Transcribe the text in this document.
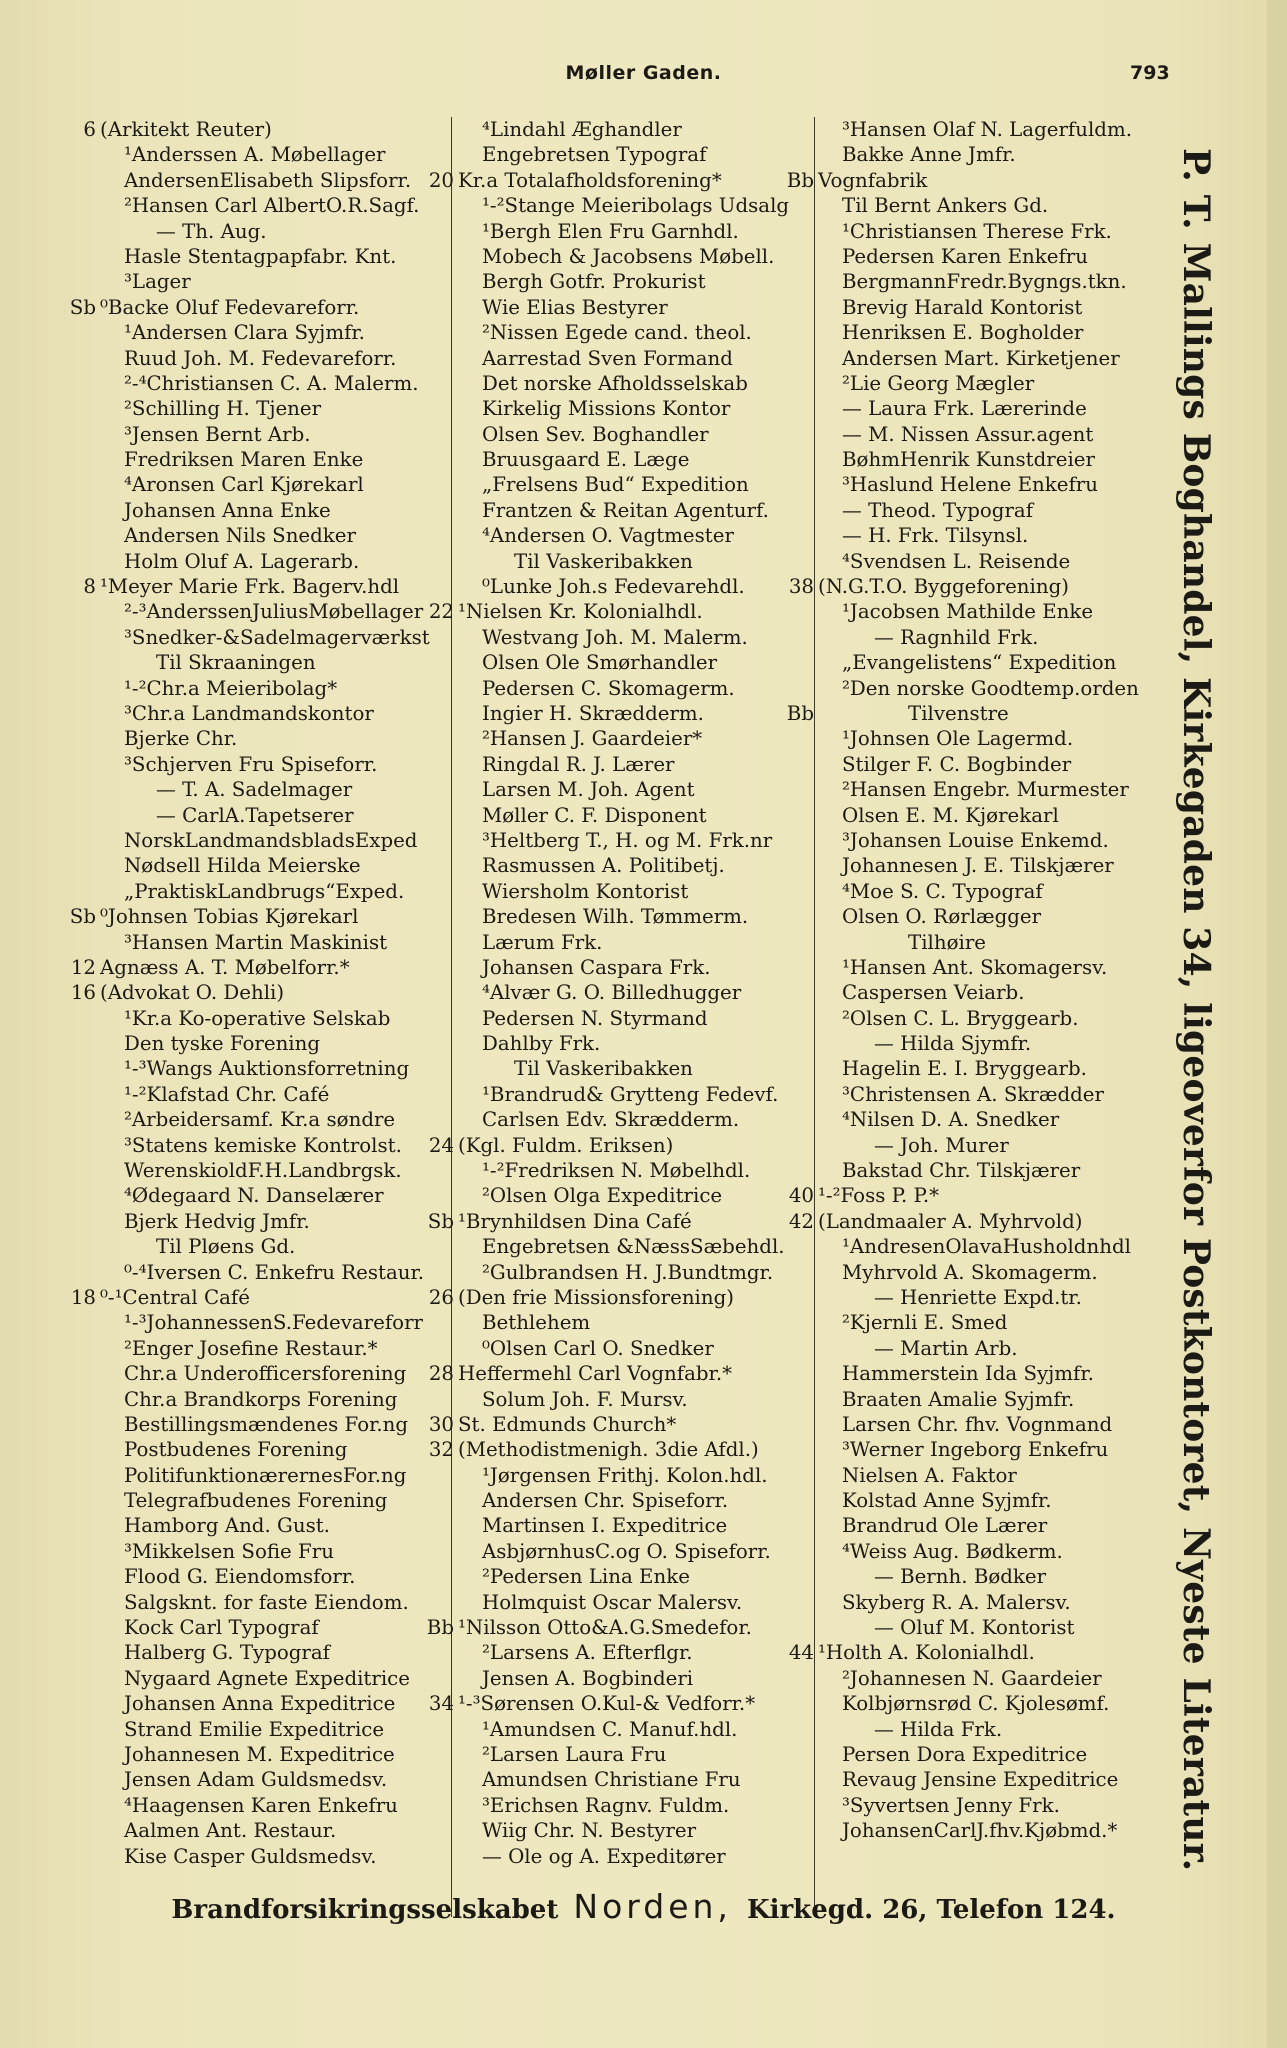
Møller Gaden.	793
6 (Arkitekt Reuter)
¹Anderssen A. Møbellager
AndersenElisabeth Slipsforr.
²Hansen Carl AlbertO.R.Sagf.
— Th. Aug.
Hasle Stentagpapfabr. Knt.
³Lager
Sb ⁰Backe Oluf Fedevareforr.
¹Andersen Clara Syjmfr.
Ruud Joh. M. Fedevareforr.
²-⁴Christiansen C. A. Malerm.
²Schilling H. Tjener
³Jensen Bernt Arb.
Fredriksen Maren Enke
⁴Aronsen Carl Kjørekarl
Johansen Anna Enke
Andersen Nils Snedker
Holm Oluf A. Lagerarb.
8 ¹Meyer Marie Frk. Bagerv.hdl
²-³AnderssenJuliusMøbellager
³Snedker-&Sadelmagerværkst
Til Skraaningen
¹-²Chr.a Meieribolag*
³Chr.a Landmandskontor
Bjerke Chr.
³Schjerven Fru Spiseforr.
— T. A. Sadelmager
— CarlA.Tapetserer
NorskLandmandsbladsExped
Nødsell Hilda Meierske
„PraktiskLandbrugs“Exped.
Sb ⁰Johnsen Tobias Kjørekarl
³Hansen Martin Maskinist
12 Agnæss A. T. Møbelforr.*
16 (Advokat O. Dehli)
¹Kr.a Ko-operative Selskab
Den tyske Forening
¹-³Wangs Auktionsforretning
¹-²Klafstad Chr. Café
²Arbeidersamf. Kr.a søndre
³Statens kemiske Kontrolst.
WerenskioldF.H.Landbrgsk.
⁴Ødegaard N. Danselærer
Bjerk Hedvig Jmfr.
Til Pløens Gd.
⁰-⁴Iversen C. Enkefru Restaur.
18 ⁰-¹Central Café
¹-³JohannessenS.Fedevareforr
²Enger Josefine Restaur.*
Chr.a Underofficersforening
Chr.a Brandkorps Forening
Bestillingsmændenes For.ng
Postbudenes Forening
PolitifunktionærernesFor.ng
Telegrafbudenes Forening
Hamborg And. Gust.
³Mikkelsen Sofie Fru
Flood G. Eiendomsforr.
Salgsknt. for faste Eiendom.
Kock Carl Typograf
Halberg G. Typograf
Nygaard Agnete Expeditrice
Johansen Anna Expeditrice
Strand Emilie Expeditrice
Johannesen M. Expeditrice
Jensen Adam Guldsmedsv.
⁴Haagensen Karen Enkefru
Aalmen Ant. Restaur.
Kise Casper Guldsmedsv.
⁴Lindahl Æghandler
Engebretsen Typograf
20 Kr.a Totalafholdsforening*
¹-²Stange Meieribolags Udsalg
¹Bergh Elen Fru Garnhdl.
Mobech & Jacobsens Møbell.
Bergh Gotfr. Prokurist
Wie Elias Bestyrer
²Nissen Egede cand. theol.
Aarrestad Sven Formand
Det norske Afholdsselskab
Kirkelig Missions Kontor
Olsen Sev. Boghandler
Bruusgaard E. Læge
„Frelsens Bud“ Expedition
Frantzen & Reitan Agenturf.
⁴Andersen O. Vagtmester
Til Vaskeribakken
⁰Lunke Joh.s Fedevarehdl.
22 ¹Nielsen Kr. Kolonialhdl.
Westvang Joh. M. Malerm.
Olsen Ole Smørhandler
Pedersen C. Skomagerm.
Ingier H. Skrædderm.
²Hansen J. Gaardeier*
Ringdal R. J. Lærer
Larsen M. Joh. Agent
Møller C. F. Disponent
³Heltberg T., H. og M. Frk.nr
Rasmussen A. Politibetj.
Wiersholm Kontorist
Bredesen Wilh. Tømmerm.
Lærum Frk.
Johansen Caspara Frk.
⁴Alvær G. O. Billedhugger
Pedersen N. Styrmand
Dahlby Frk.
Til Vaskeribakken
¹Brandrud& Grytteng Fedevf.
Carlsen Edv. Skrædderm.
24 (Kgl. Fuldm. Eriksen)
¹-²Fredriksen N. Møbelhdl.
²Olsen Olga Expeditrice
Sb ¹Brynhildsen Dina Café
Engebretsen &NæssSæbehdl.
²Gulbrandsen H. J.Bundtmgr.
26 (Den frie Missionsforening)
Bethlehem
⁰Olsen Carl O. Snedker
28 Heffermehl Carl Vognfabr.*
Solum Joh. F. Mursv.
30 St. Edmunds Church*
32 (Methodistmenigh. 3die Afdl.)
¹Jørgensen Frithj. Kolon.hdl.
Andersen Chr. Spiseforr.
Martinsen I. Expeditrice
AsbjørnhusC.og O. Spiseforr.
²Pedersen Lina Enke
Holmquist Oscar Malersv.
Bb ¹Nilsson Otto&A.G.Smedefor.
²Larsens A. Efterflgr.
Jensen A. Bogbinderi
34 ¹-³Sørensen O.Kul-& Vedforr.*
¹Amundsen C. Manuf.hdl.
²Larsen Laura Fru
Amundsen Christiane Fru
³Erichsen Ragnv. Fuldm.
Wiig Chr. N. Bestyrer
— Ole og A. Expeditører
³Hansen Olaf N. Lagerfuldm.
Bakke Anne Jmfr.
Bb Vognfabrik
Til Bernt Ankers Gd.
¹Christiansen Therese Frk.
Pedersen Karen Enkefru
BergmannFredr.Bygngs.tkn.
Brevig Harald Kontorist
Henriksen E. Bogholder
Andersen Mart. Kirketjener
²Lie Georg Mægler
— Laura Frk. Lærerinde
— M. Nissen Assur.agent
BøhmHenrik Kunstdreier
³Haslund Helene Enkefru
— Theod. Typograf
— H. Frk. Tilsynsl.
⁴Svendsen L. Reisende
38 (N.G.T.O. Byggeforening)
¹Jacobsen Mathilde Enke
— Ragnhild Frk.
„Evangelistens“ Expedition
²Den norske Goodtemp.orden
Bb	Tilvenstre
¹Johnsen Ole Lagermd.
Stilger F. C. Bogbinder
²Hansen Engebr. Murmester
Olsen E. M. Kjørekarl
³Johansen Louise Enkemd.
Johannesen J. E. Tilskjærer
⁴Moe S. C. Typograf
Olsen O. Rørlægger
Tilhøire
¹Hansen Ant. Skomagersv.
Caspersen Veiarb.
²Olsen C. L. Bryggearb.
— Hilda Sjymfr.
Hagelin E. I. Bryggearb.
³Christensen A. Skrædder
⁴Nilsen D. A. Snedker
— Joh. Murer
Bakstad Chr. Tilskjærer
40 ¹-²Foss P. P.*
42 (Landmaaler A. Myhrvold)
¹AndresenOlavaHusholdnhdl
Myhrvold A. Skomagerm.
— Henriette Expd.tr.
²Kjernli E. Smed
— Martin Arb.
Hammerstein Ida Syjmfr.
Braaten Amalie Syjmfr.
Larsen Chr. fhv. Vognmand
³Werner Ingeborg Enkefru
Nielsen A. Faktor
Kolstad Anne Syjmfr.
Brandrud Ole Lærer
⁴Weiss Aug. Bødkerm.
— Bernh. Bødker
Skyberg R. A. Malersv.
— Oluf M. Kontorist
44 ¹Holth A. Kolonialhdl.
²Johannesen N. Gaardeier
Kolbjørnsrød C. Kjolesømf.
— Hilda Frk.
Persen Dora Expeditrice
Revaug Jensine Expeditrice
³Syvertsen Jenny Frk.
JohansenCarlJ.fhv.Kjøbmd.*	P. T. Mallings Boghandel, Kirkegaden 34, ligeoverfor Postkontoret, Nyeste Literatur.
Brandforsikringsselskabet Norden, Kirkegd. 26, Telefon 124.
